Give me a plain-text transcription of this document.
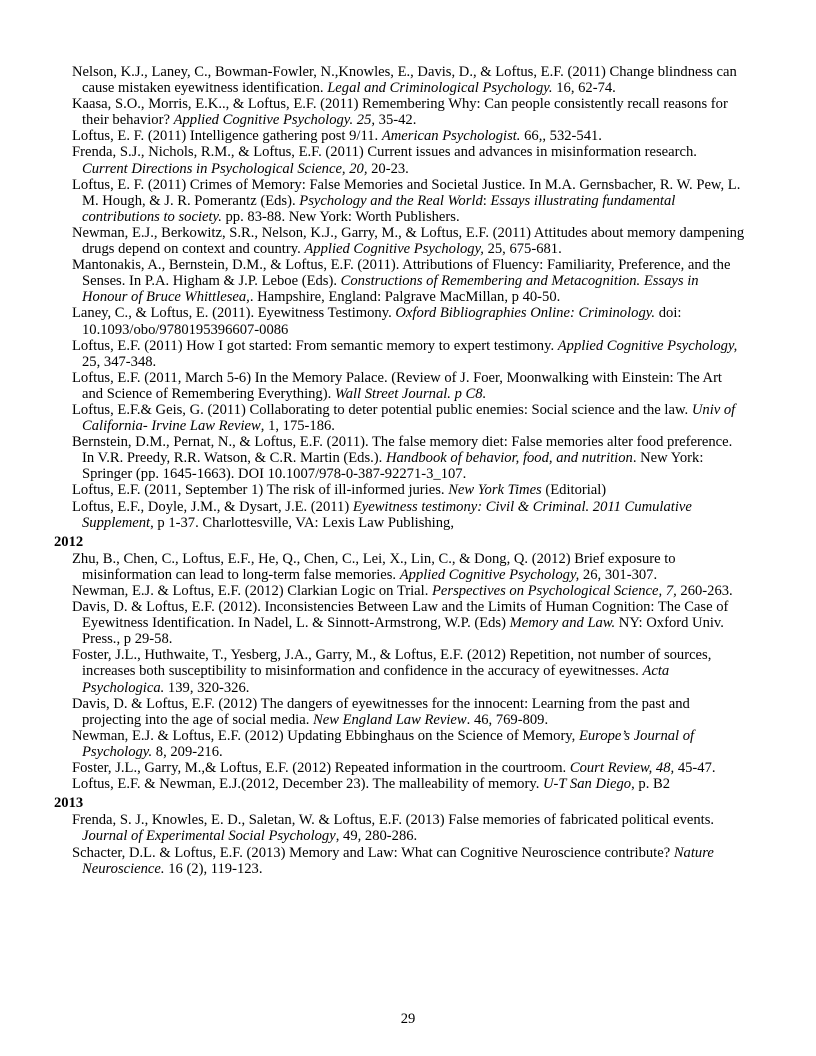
Nelson, K.J., Laney, C., Bowman-Fowler, N.,Knowles, E., Davis, D., & Loftus, E.F. (2011) Change blindness can cause mistaken eyewitness identification. Legal and Criminological Psychology. 16, 62-74.
Kaasa, S.O., Morris, E.K.., & Loftus, E.F. (2011) Remembering Why: Can people consistently recall reasons for their behavior? Applied Cognitive Psychology. 25, 35-42.
Loftus, E. F. (2011) Intelligence gathering post 9/11. American Psychologist. 66,, 532-541.
Frenda, S.J., Nichols, R.M., & Loftus, E.F. (2011) Current issues and advances in misinformation research. Current Directions in Psychological Science, 20, 20-23.
Loftus, E. F. (2011) Crimes of Memory: False Memories and Societal Justice. In M.A. Gernsbacher, R. W. Pew, L. M. Hough, & J. R. Pomerantz (Eds). Psychology and the Real World: Essays illustrating fundamental contributions to society. pp. 83-88. New York: Worth Publishers.
Newman, E.J., Berkowitz, S.R., Nelson, K.J., Garry, M., & Loftus, E.F. (2011) Attitudes about memory dampening drugs depend on context and country. Applied Cognitive Psychology, 25, 675-681.
Mantonakis, A., Bernstein, D.M., & Loftus, E.F. (2011). Attributions of Fluency: Familiarity, Preference, and the Senses. In P.A. Higham & J.P. Leboe (Eds). Constructions of Remembering and Metacognition. Essays in Honour of Bruce Whittlesea,. Hampshire, England: Palgrave MacMillan, p 40-50.
Laney, C., & Loftus, E. (2011). Eyewitness Testimony. Oxford Bibliographies Online: Criminology. doi: 10.1093/obo/9780195396607-0086
Loftus, E.F. (2011) How I got started: From semantic memory to expert testimony. Applied Cognitive Psychology, 25, 347-348.
Loftus, E.F. (2011, March 5-6) In the Memory Palace. (Review of J. Foer, Moonwalking with Einstein: The Art and Science of Remembering Everything). Wall Street Journal. p C8.
Loftus, E.F.& Geis, G. (2011) Collaborating to deter potential public enemies: Social science and the law. Univ of California- Irvine Law Review, 1, 175-186.
Bernstein, D.M., Pernat, N., & Loftus, E.F. (2011). The false memory diet: False memories alter food preference. In V.R. Preedy, R.R. Watson, & C.R. Martin (Eds.). Handbook of behavior, food, and nutrition. New York: Springer (pp. 1645-1663). DOI 10.1007/978-0-387-92271-3_107.
Loftus, E.F. (2011, September 1) The risk of ill-informed juries. New York Times (Editorial)
Loftus, E.F., Doyle, J.M., & Dysart, J.E. (2011) Eyewitness testimony: Civil & Criminal. 2011 Cumulative Supplement, p 1-37. Charlottesville, VA: Lexis Law Publishing,
2012
Zhu, B., Chen, C., Loftus, E.F., He, Q., Chen, C., Lei, X., Lin, C., & Dong, Q. (2012) Brief exposure to misinformation can lead to long-term false memories. Applied Cognitive Psychology, 26, 301-307.
Newman, E.J. & Loftus, E.F. (2012) Clarkian Logic on Trial. Perspectives on Psychological Science, 7, 260-263.
Davis, D. & Loftus, E.F. (2012). Inconsistencies Between Law and the Limits of Human Cognition: The Case of Eyewitness Identification. In Nadel, L. & Sinnott-Armstrong, W.P. (Eds) Memory and Law. NY: Oxford Univ. Press., p 29-58.
Foster, J.L., Huthwaite, T., Yesberg, J.A., Garry, M., & Loftus, E.F. (2012) Repetition, not number of sources, increases both susceptibility to misinformation and confidence in the accuracy of eyewitnesses. Acta Psychologica. 139, 320-326.
Davis, D. & Loftus, E.F. (2012) The dangers of eyewitnesses for the innocent: Learning from the past and projecting into the age of social media. New England Law Review. 46, 769-809.
Newman, E.J. & Loftus, E.F. (2012) Updating Ebbinghaus on the Science of Memory, Europe’s Journal of Psychology. 8, 209-216.
Foster, J.L., Garry, M.,& Loftus, E.F. (2012) Repeated information in the courtroom. Court Review, 48, 45-47.
Loftus, E.F. & Newman, E.J.(2012, December 23). The malleability of memory. U-T San Diego, p. B2
2013
Frenda, S. J., Knowles, E. D., Saletan, W. & Loftus, E.F. (2013) False memories of fabricated political events. Journal of Experimental Social Psychology, 49, 280-286.
Schacter, D.L. & Loftus, E.F. (2013) Memory and Law: What can Cognitive Neuroscience contribute? Nature Neuroscience. 16 (2), 119-123.
29
